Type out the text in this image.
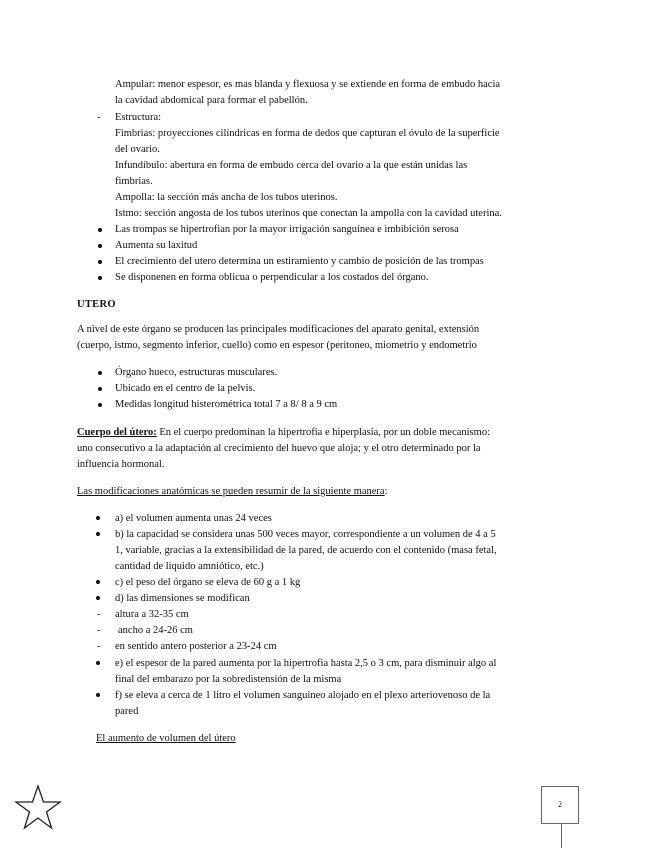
Ampular: menor espesor, es mas blanda y flexuosa y se extiende en forma de embudo hacia
la cavidad abdomical para formar el pabellón.
- Estructura:
Fimbrias: proyecciones cilíndricas en forma de dedos que capturan el óvulo de la superficie
del ovario.
Infundíbulo: abertura en forma de embudo cerca del ovario a la que están unidas las
fimbrias.
Ampolla: la sección más ancha de los tubos uterinos.
Istmo: sección angosta de los tubos uterinos que conectan la ampolla con la cavidad uterina.
Las trompas se hipertrofian por la mayor irrigación sanguínea e imbibición serosa
Aumenta su laxitud
El crecimiento del utero determina un estiramiento y cambio de posición de las trompas
Se disponenen en forma oblicua o perpendicular a los costados del órgano.
UTERO
A nivel de este órgano se producen las principales modificaciones del aparato genital, extensión
(cuerpo, istmo, segmento inferior, cuello) como en espesor (peritoneo, miometrio y endometrio
Órgano hueco, estructuras musculares.
Ubicado en el centro de la pelvis.
Medidas longitud histerométrica total 7 a 8/ 8 a 9 cm
Cuerpo del útero: En el cuerpo predominan la hipertrofia e hiperplasia, por un doble mecanismo:
uno consecutivo a la adaptación al crecimiento del huevo que aloja; y el otro determinado por la
influencia hormonal.
Las modificaciones anatómicas se pueden resumir de la siguiente manera:
a) el volumen aumenta unas 24 veces
b) la capacidad se considera unas 500 veces mayor, correspondiente a un volumen de 4 a 5
1, variable, gracias a la extensibilidad de la pared, de acuerdo con el contenido (masa fetal,
cantidad de liquido amniótico, etc.)
c) el peso del órgano se eleva de 60 g a 1 kg
d) las dimensiones se modifican
- altura a 32-35 cm
- ancho a 24-26 cm
- en sentido antero posterior a 23-24 cm
e) el espesor de la pared aumenta por la hipertrofia hasta 2,5 o 3 cm, para disminuir algo al
final del embarazo por la sobredistensión de la misma
f) se eleva a cerca de 1 litro el volumen sanguineo alojado en el plexo arteriovenoso de la
pared
El aumento de volumen del útero
2
